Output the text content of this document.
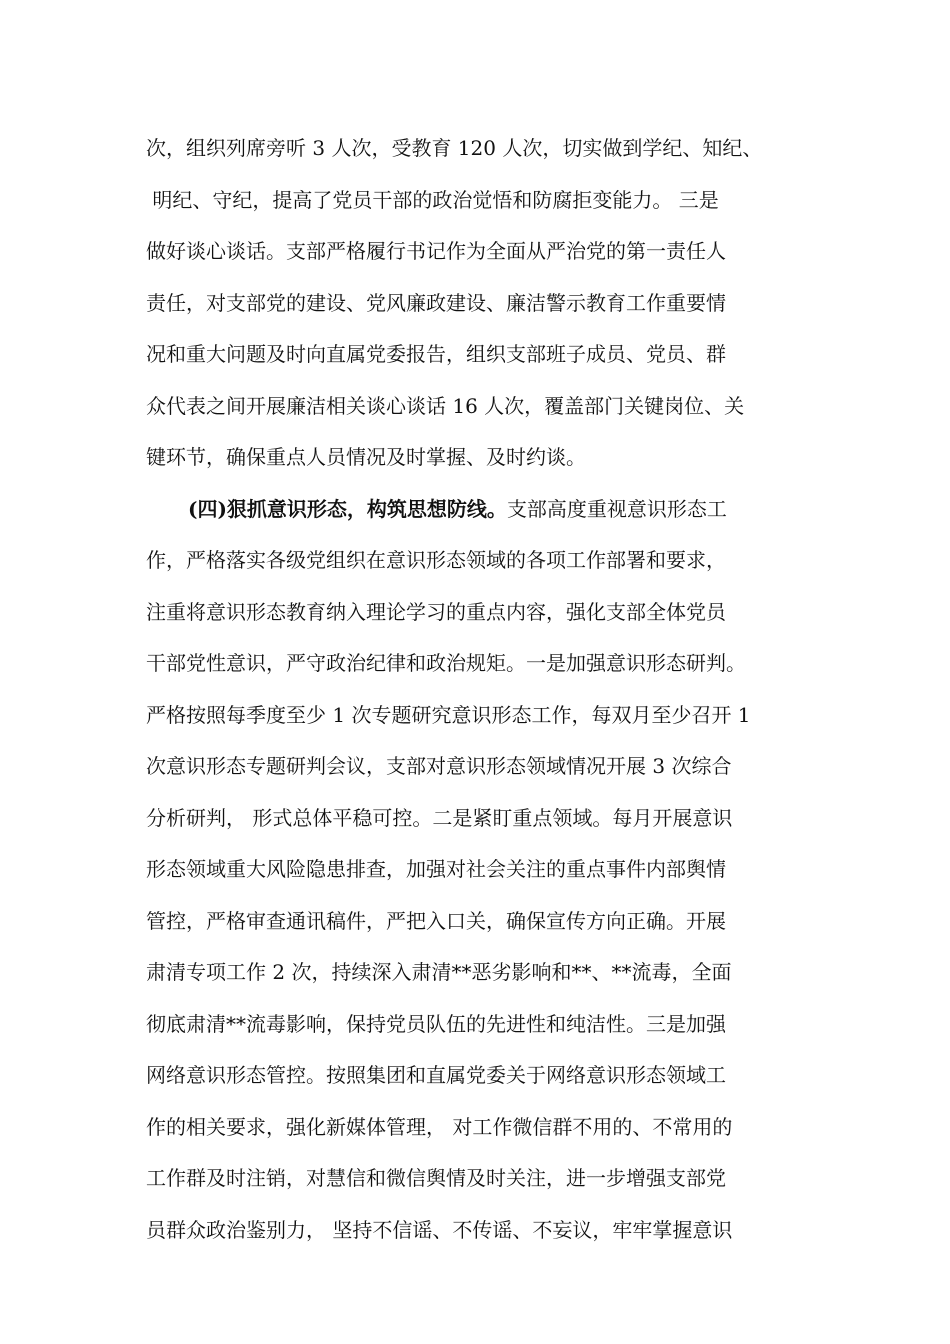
次，组织列席旁听 3 人次，受教育 120 人次，切实做到学纪、知纪、
明纪、守纪，提高了党员干部的政治觉悟和防腐拒变能力。 三是
做好谈心谈话。支部严格履行书记作为全面从严治党的第一责任人
责任，对支部党的建设、党风廉政建设、廉洁警示教育工作重要情
况和重大问题及时向直属党委报告，组织支部班子成员、党员、群
众代表之间开展廉洁相关谈心谈话 16 人次，覆盖部门关键岗位、关
键环节，确保重点人员情况及时掌握、及时约谈。
(四)狠抓意识形态，构筑思想防线。支部高度重视意识形态工
作，严格落实各级党组织在意识形态领域的各项工作部署和要求，
注重将意识形态教育纳入理论学习的重点内容，强化支部全体党员
干部党性意识，严守政治纪律和政治规矩。一是加强意识形态研判。
严格按照每季度至少 1 次专题研究意识形态工作，每双月至少召开 1
次意识形态专题研判会议，支部对意识形态领域情况开展 3 次综合
分析研判， 形式总体平稳可控。二是紧盯重点领域。每月开展意识
形态领域重大风险隐患排查，加强对社会关注的重点事件内部舆情
管控，严格审查通讯稿件，严把入口关，确保宣传方向正确。开展
肃清专项工作 2 次，持续深入肃清**恶劣影响和**、**流毒，全面
彻底肃清**流毒影响，保持党员队伍的先进性和纯洁性。三是加强
网络意识形态管控。按照集团和直属党委关于网络意识形态领域工
作的相关要求，强化新媒体管理， 对工作微信群不用的、不常用的
工作群及时注销，对慧信和微信舆情及时关注，进一步增强支部党
员群众政治鉴别力， 坚持不信谣、不传谣、不妄议，牢牢掌握意识
